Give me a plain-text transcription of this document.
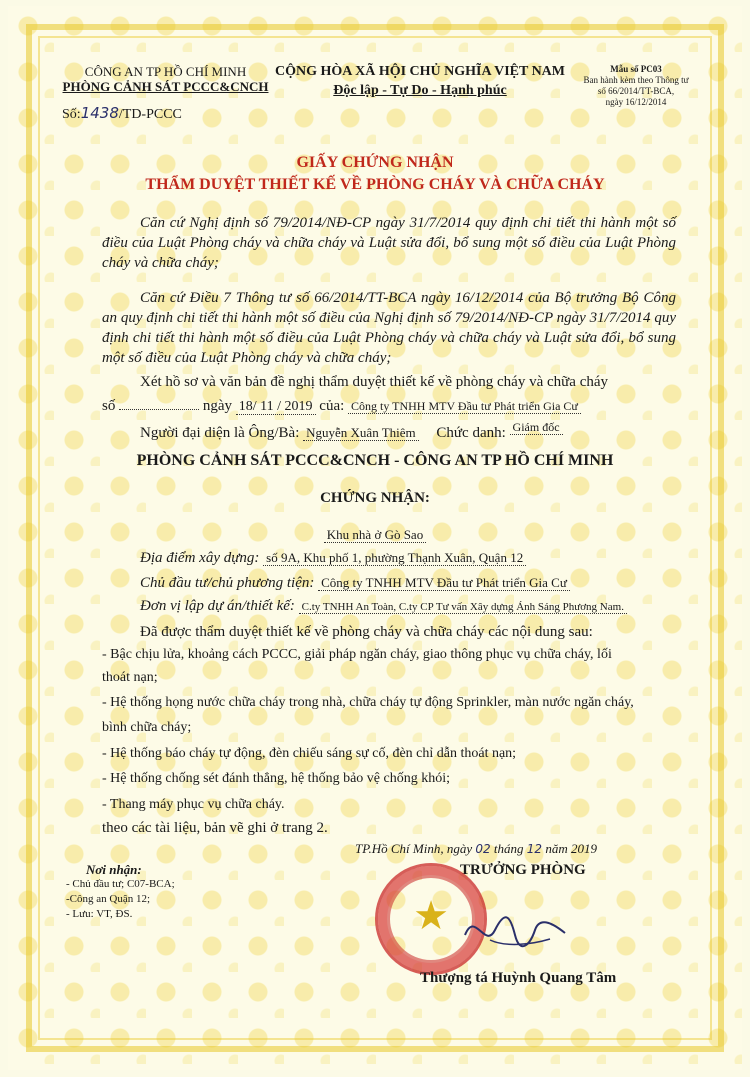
CÔNG AN TP HỒ CHÍ MINH
PHÒNG CẢNH SÁT PCCC&CNCH
Số:1438/TD-PCCC
CỘNG HÒA XÃ HỘI CHỦ NGHĨA VIỆT NAM
Độc lập - Tự Do - Hạnh phúc
Mẫu số PC03
Ban hành kèm theo Thông tư
số 66/2014/TT-BCA,
ngày 16/12/2014
GIẤY CHỨNG NHẬN
THẨM DUYỆT THIẾT KẾ VỀ PHÒNG CHÁY VÀ CHỮA CHÁY
Căn cứ Nghị định số 79/2014/NĐ-CP ngày 31/7/2014 quy định chi tiết thi hành một số điều của Luật Phòng cháy và chữa cháy và Luật sửa đổi, bổ sung một số điều của Luật Phòng cháy và chữa cháy;
Căn cứ Điều 7 Thông tư số 66/2014/TT-BCA ngày 16/12/2014 của Bộ trưởng Bộ Công an quy định chi tiết thi hành một số điều của Nghị định số 79/2014/NĐ-CP ngày 31/7/2014 quy định chi tiết thi hành một số điều của Luật Phòng cháy và chữa cháy và Luật sửa đổi, bổ sung một số điều của Luật Phòng cháy và chữa cháy;
Xét hồ sơ và văn bản đề nghị thẩm duyệt thiết kế về phòng cháy và chữa cháy
số	ngày 18/ 11 / 2019 của: Công ty TNHH MTV Đầu tư Phát triển Gia Cư
Người đại diện là Ông/Bà: Nguyễn Xuân Thiêm Chức danh: $^{Giám đốc}$
PHÒNG CẢNH SÁT PCCC&CNCH - CÔNG AN TP HỒ CHÍ MINH
CHỨNG NHẬN:
Khu nhà ở Gò Sao
Địa điểm xây dựng: số 9A, Khu phố 1, phường Thạnh Xuân, Quận 12
Chủ đầu tư/chủ phương tiện: Công ty TNHH MTV Đầu tư Phát triển Gia Cư
Đơn vị lập dự án/thiết kế: C.ty TNHH An Toàn, C.ty CP Tư vấn Xây dựng Ánh Sáng Phương Nam.
Đã được thẩm duyệt thiết kế về phòng cháy và chữa cháy các nội dung sau:
- Bậc chịu lửa, khoảng cách PCCC, giải pháp ngăn cháy, giao thông phục vụ chữa cháy, lối
thoát nạn;
- Hệ thống họng nước chữa cháy trong nhà, chữa cháy tự động Sprinkler, màn nước ngăn cháy,
bình chữa cháy;
- Hệ thống báo cháy tự động, đèn chiếu sáng sự cố, đèn chỉ dẫn thoát nạn;
- Hệ thống chống sét đánh thẳng, hệ thống bảo vệ chống khói;
- Thang máy phục vụ chữa cháy.
theo các tài liệu, bản vẽ ghi ở trang 2.
TP.Hồ Chí Minh, ngày 02 tháng 12 năm 2019
TRƯỞNG PHÒNG
Nơi nhận:
- Chủ đầu tư; C07-BCA;
-Công an Quận 12;
- Lưu: VT, ĐS.	★
Thượng tá Huỳnh Quang Tâm
